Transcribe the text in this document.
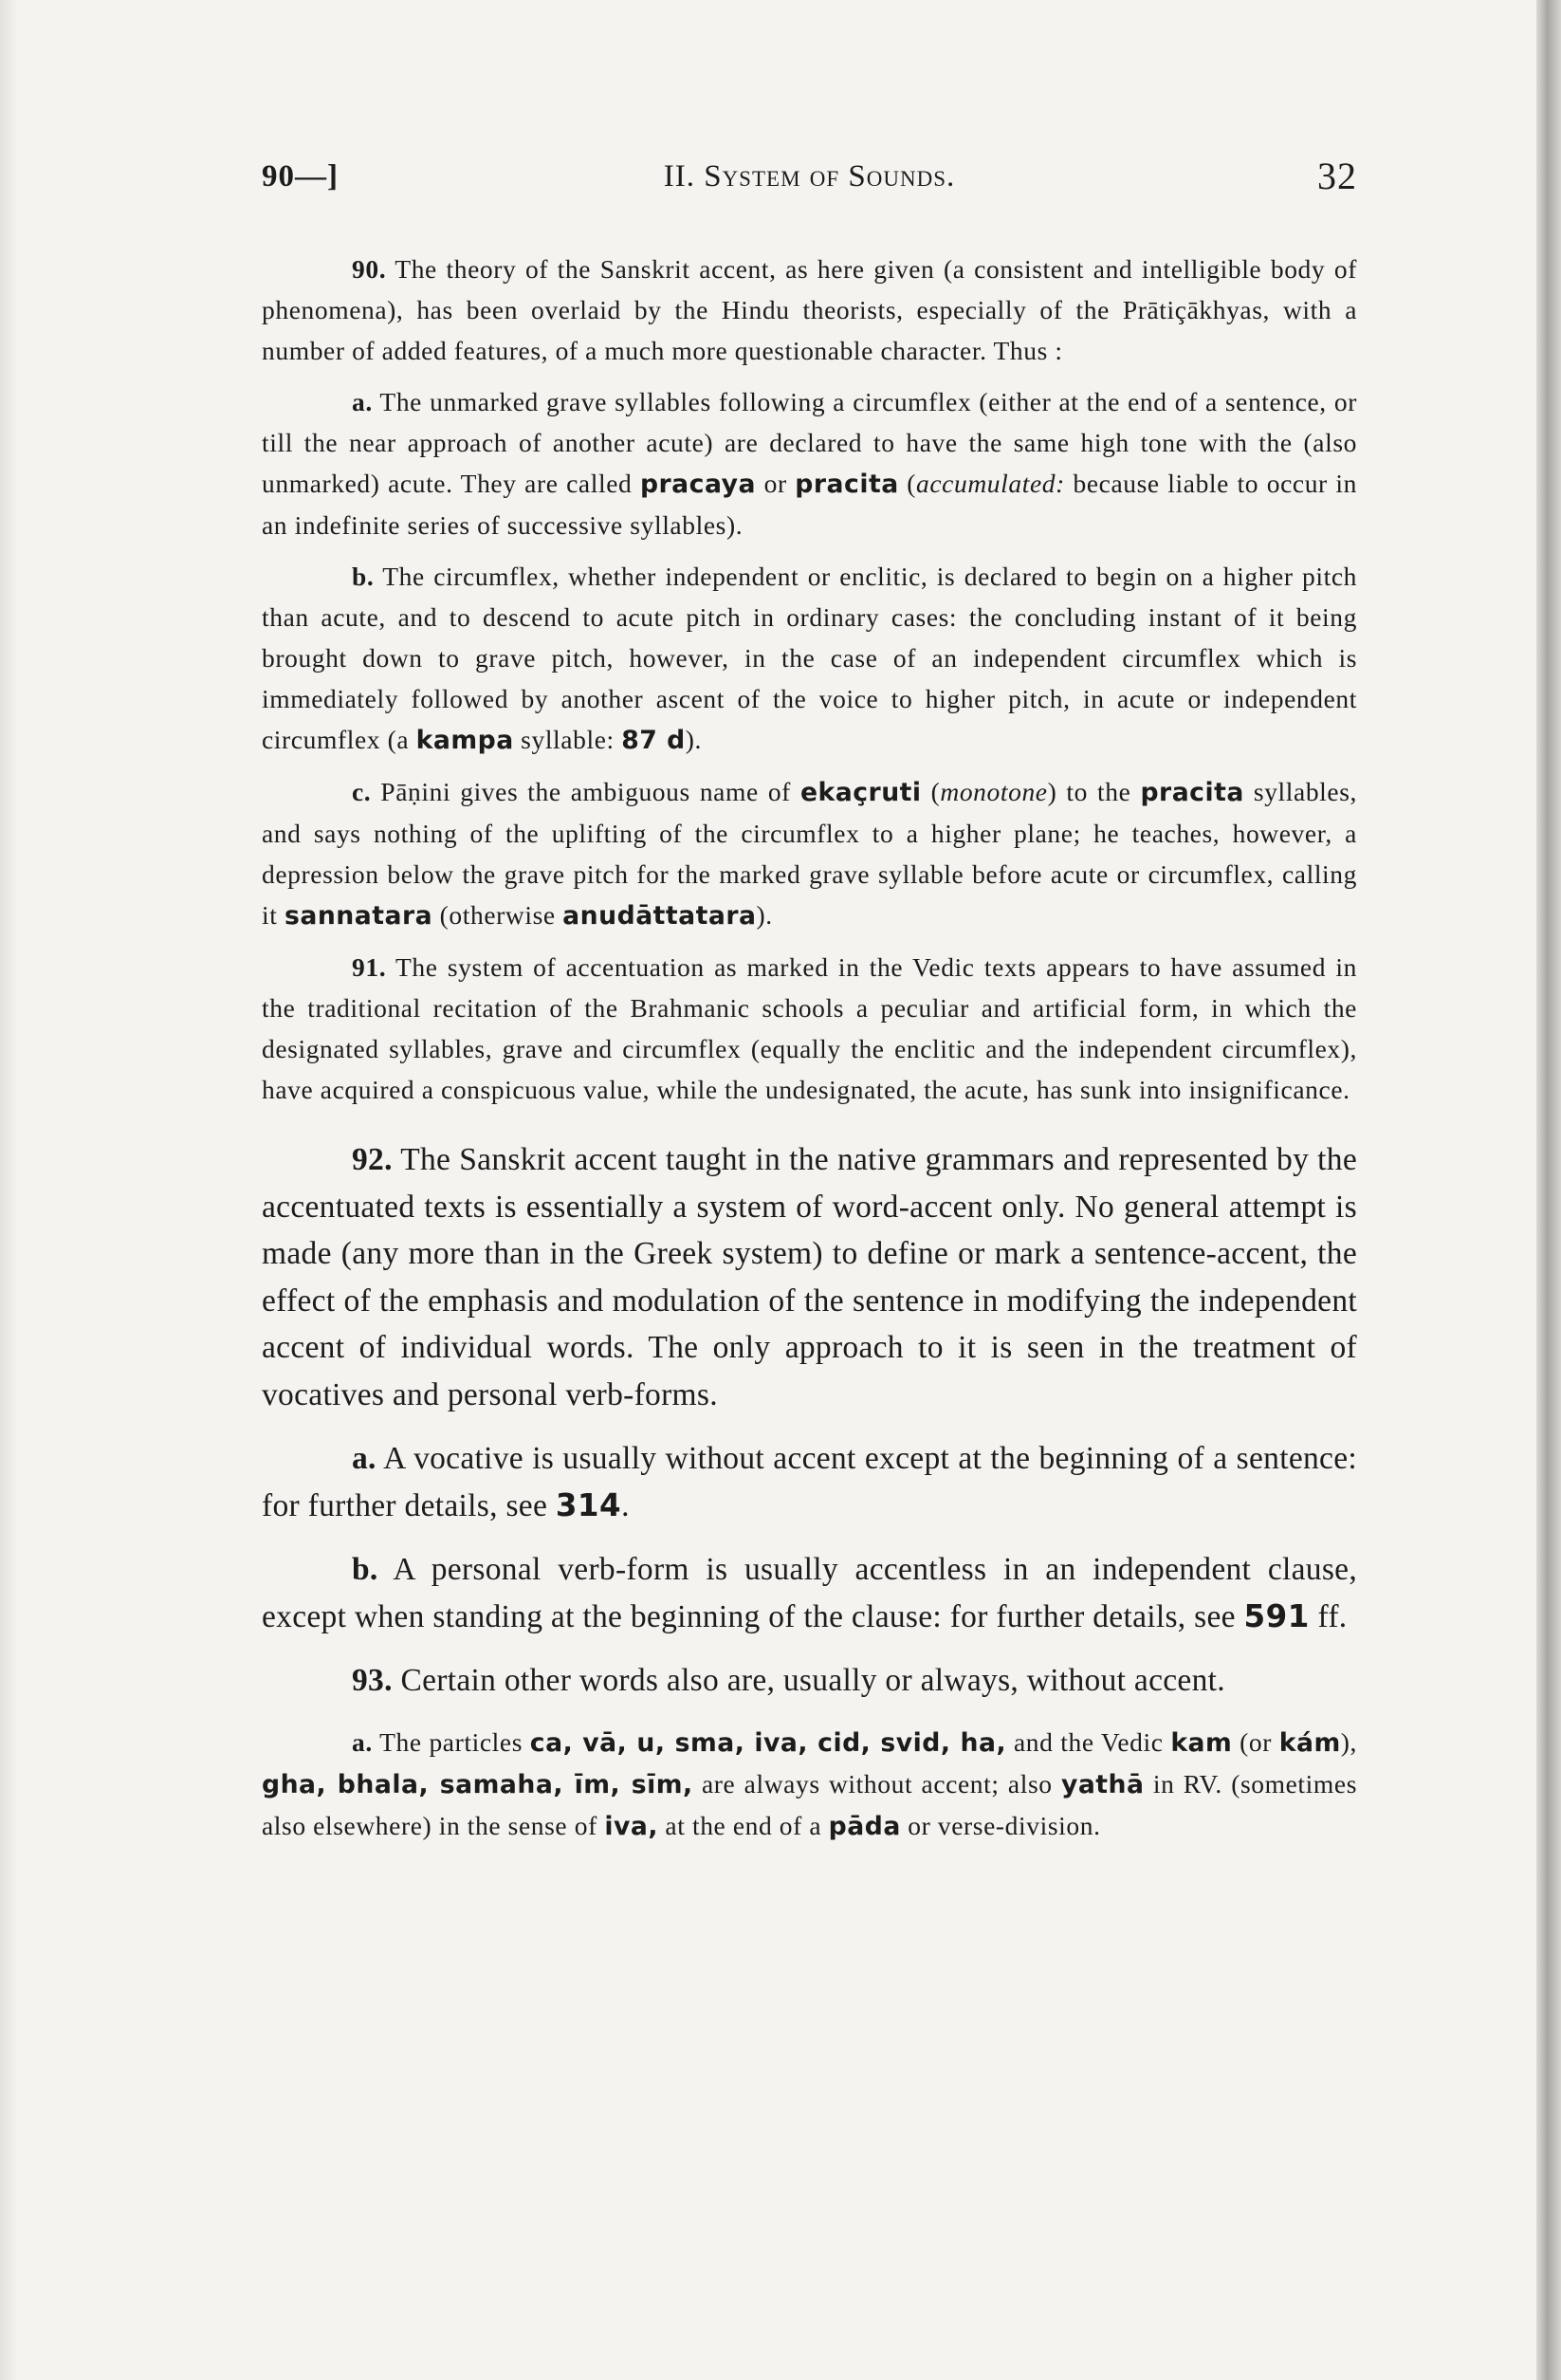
90—]	II. System of Sounds.	32

90. The theory of the Sanskrit accent, as here given (a consistent and intelligible body of phenomena), has been overlaid by the Hindu theorists, especially of the Prātiçākhyas, with a number of added features, of a much more questionable character. Thus :

a. The unmarked grave syllables following a circumflex (either at the end of a sentence, or till the near approach of another acute) are declared to have the same high tone with the (also unmarked) acute. They are called pracaya or pracita (accumulated: because liable to occur in an indefinite series of successive syllables).

b. The circumflex, whether independent or enclitic, is declared to begin on a higher pitch than acute, and to descend to acute pitch in ordinary cases: the concluding instant of it being brought down to grave pitch, however, in the case of an independent circumflex which is immediately followed by another ascent of the voice to higher pitch, in acute or independent circumflex (a kampa syllable: 87 d).

c. Pāṇini gives the ambiguous name of ekaçruti (monotone) to the pracita syllables, and says nothing of the uplifting of the circumflex to a higher plane; he teaches, however, a depression below the grave pitch for the marked grave syllable before acute or circumflex, calling it sannatara (otherwise anudāttatara).

91. The system of accentuation as marked in the Vedic texts appears to have assumed in the traditional recitation of the Brahmanic schools a peculiar and artificial form, in which the designated syllables, grave and circumflex (equally the enclitic and the independent circumflex), have acquired a conspicuous value, while the undesignated, the acute, has sunk into insignificance.

92. The Sanskrit accent taught in the native grammars and represented by the accentuated texts is essentially a system of word-accent only. No general attempt is made (any more than in the Greek system) to define or mark a sentence-accent, the effect of the emphasis and modulation of the sentence in modifying the independent accent of individual words. The only approach to it is seen in the treatment of vocatives and personal verb-forms.

a. A vocative is usually without accent except at the beginning of a sentence: for further details, see 314.

b. A personal verb-form is usually accentless in an independent clause, except when standing at the beginning of the clause: for further details, see 591 ff.

93. Certain other words also are, usually or always, without accent.

a. The particles ca, vā, u, sma, iva, cid, svid, ha, and the Vedic kam (or kám), gha, bhala, samaha, īm, sīm, are always without accent; also yathā in RV. (sometimes also elsewhere) in the sense of iva, at the end of a pāda or verse-division.
